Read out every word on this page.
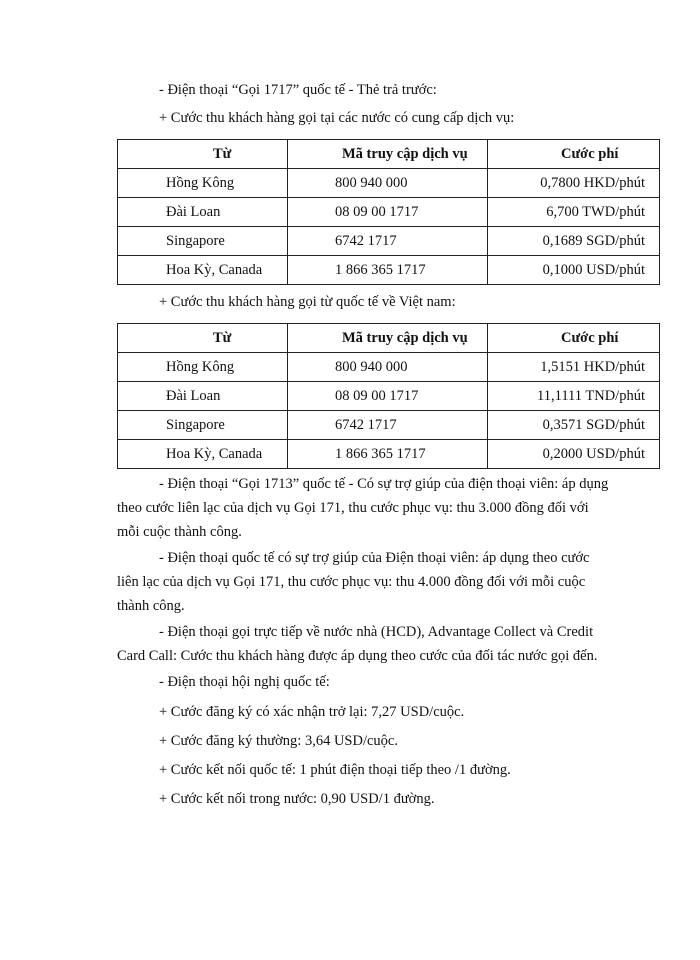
- Điện thoại “Gọi 1717” quốc tế - Thẻ trả trước:
+ Cước thu khách hàng gọi tại các nước có cung cấp dịch vụ:
Từ	Mã truy cập dịch vụ	Cước phí
Hồng Kông	800 940 000	0,7800 HKD/phút
Đài Loan	08 09 00 1717	6,700 TWD/phút
Singapore	6742 1717	0,1689 SGD/phút
Hoa Kỳ, Canada	1 866 365 1717	0,1000 USD/phút
+ Cước thu khách hàng gọi từ quốc tế về Việt nam:
Từ	Mã truy cập dịch vụ	Cước phí
Hồng Kông	800 940 000	1,5151 HKD/phút
Đài Loan	08 09 00 1717	11,1111 TND/phút
Singapore	6742 1717	0,3571 SGD/phút
Hoa Kỳ, Canada	1 866 365 1717	0,2000 USD/phút
- Điện thoại “Gọi 1713” quốc tế - Có sự trợ giúp của điện thoại viên: áp dụng
theo cước liên lạc của dịch vụ Gọi 171, thu cước phục vụ: thu 3.000 đồng đối với
mỗi cuộc thành công.
- Điện thoại quốc tế có sự trợ giúp của Điện thoại viên: áp dụng theo cước
liên lạc của dịch vụ Gọi 171, thu cước phục vụ: thu 4.000 đồng đối với mỗi cuộc
thành công.
- Điện thoại gọi trực tiếp về nước nhà (HCD), Advantage Collect và Credit
Card Call: Cước thu khách hàng được áp dụng theo cước của đối tác nước gọi đến.
- Điện thoại hội nghị quốc tế:
+ Cước đăng ký có xác nhận trở lại: 7,27 USD/cuộc.
+ Cước đăng ký thường: 3,64 USD/cuộc.
+ Cước kết nối quốc tế: 1 phút điện thoại tiếp theo /1 đường.
+ Cước kết nối trong nước: 0,90 USD/1 đường.
